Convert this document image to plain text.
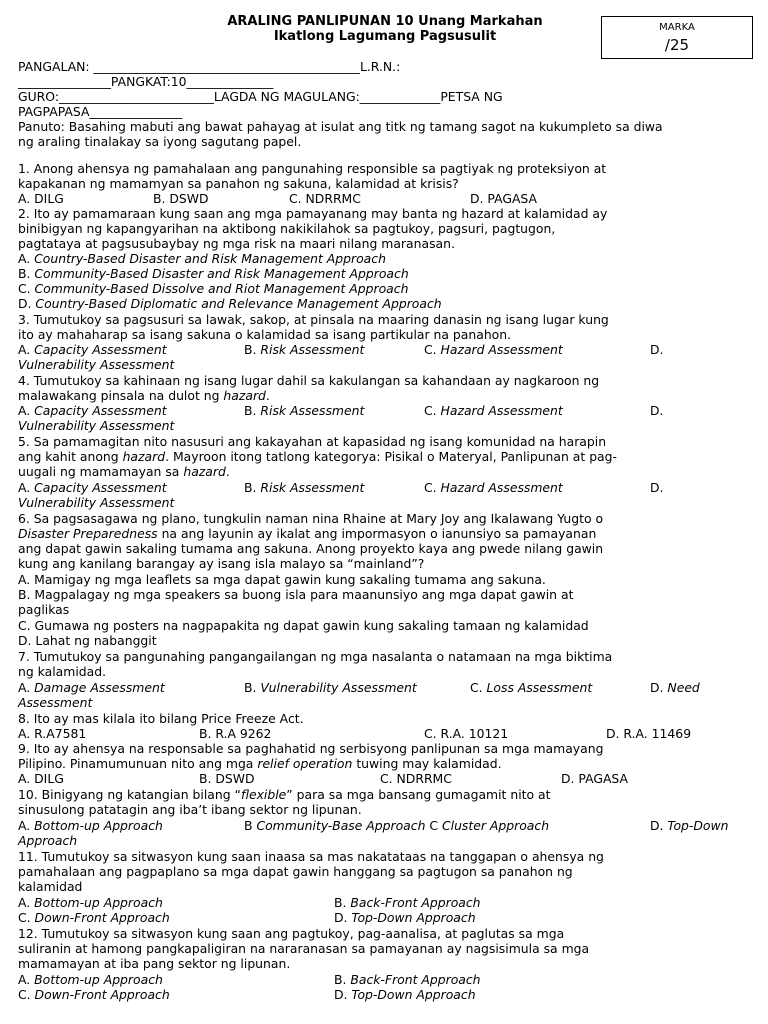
ARALING PANLIPUNAN 10 Unang Markahan
Ikatlong Lagumang Pagsusulit
MARKA
/25
PANGALAN: ___________________________________________L.R.N.:
_______________PANGKAT:10______________
GURO:_________________________LAGDA NG MAGULANG:_____________PETSA NG
PAGPAPASA_______________
Panuto: Basahing mabuti ang bawat pahayag at isulat ang titk ng tamang sagot na kukumpleto sa diwa
ng araling tinalakay sa iyong sagutang papel.
1. Anong ahensya ng pamahalaan ang pangunahing responsible sa pagtiyak ng proteksiyon at
kapakanan ng mamamyan sa panahon ng sakuna, kalamidad at krisis?
A. DILG	B. DSWD	C. NDRRMC	D. PAGASA
2. Ito ay pamamaraan kung saan ang mga pamayanang may banta ng hazard at kalamidad ay
binibigyan ng kapangyarihan na aktibong nakikilahok sa pagtukoy, pagsuri, pagtugon,
pagtataya at pagsusubaybay ng mga risk na maari nilang maranasan.
A. Country-Based Disaster and Risk Management Approach
B. Community-Based Disaster and Risk Management Approach
C. Community-Based Dissolve and Riot Management Approach
D. Country-Based Diplomatic and Relevance Management Approach
3. Tumutukoy sa pagsusuri sa lawak, sakop, at pinsala na maaring danasin ng isang lugar kung
ito ay mahaharap sa isang sakuna o kalamidad sa isang partikular na panahon.
A. Capacity Assessment	B. Risk Assessment	C. Hazard Assessment	D.
Vulnerability Assessment
4. Tumutukoy sa kahinaan ng isang lugar dahil sa kakulangan sa kahandaan ay nagkaroon ng
malawakang pinsala na dulot ng hazard.
A. Capacity Assessment	B. Risk Assessment	C. Hazard Assessment	D.
Vulnerability Assessment
5. Sa pamamagitan nito nasusuri ang kakayahan at kapasidad ng isang komunidad na harapin
ang kahit anong hazard. Mayroon itong tatlong kategorya: Pisikal o Materyal, Panlipunan at pag-
uugali ng mamamayan sa hazard.
A. Capacity Assessment	B. Risk Assessment	C. Hazard Assessment	D.
Vulnerability Assessment
6. Sa pagsasagawa ng plano, tungkulin naman nina Rhaine at Mary Joy ang Ikalawang Yugto o
Disaster Preparedness na ang layunin ay ikalat ang impormasyon o ianunsiyo sa pamayanan
ang dapat gawin sakaling tumama ang sakuna. Anong proyekto kaya ang pwede nilang gawin
kung ang kanilang barangay ay isang isla malayo sa “mainland”?
A. Mamigay ng mga leaflets sa mga dapat gawin kung sakaling tumama ang sakuna.
B. Magpalagay ng mga speakers sa buong isla para maanunsiyo ang mga dapat gawin at
paglikas
C. Gumawa ng posters na nagpapakita ng dapat gawin kung sakaling tamaan ng kalamidad
D. Lahat ng nabanggit
7. Tumutukoy sa pangunahing pangangailangan ng mga nasalanta o natamaan na mga biktima
ng kalamidad.
A. Damage Assessment	B. Vulnerability Assessment	C. Loss Assessment	D. Need
Assessment
8. Ito ay mas kilala ito bilang Price Freeze Act.
A. R.A7581	B. R.A 9262	C. R.A. 10121	D. R.A. 11469
9. Ito ay ahensya na responsable sa paghahatid ng serbisyong panlipunan sa mga mamayang
Pilipino. Pinamumunuan nito ang mga relief operation tuwing may kalamidad.
A. DILG	B. DSWD	C. NDRRMC	D. PAGASA
10. Binigyang ng katangian bilang “flexible” para sa mga bansang gumagamit nito at
sinusulong patatagin ang iba’t ibang sektor ng lipunan.
A. Bottom-up Approach	B Community-Base Approach C Cluster Approach	D. Top-Down
Approach
11. Tumutukoy sa sitwasyon kung saan inaasa sa mas nakatataas na tanggapan o ahensya ng
pamahalaan ang pagpaplano sa mga dapat gawin hanggang sa pagtugon sa panahon ng
kalamidad
A. Bottom-up Approach	B. Back-Front Approach
C. Down-Front Approach	D. Top-Down Approach
12. Tumutukoy sa sitwasyon kung saan ang pagtukoy, pag-aanalisa, at paglutas sa mga
suliranin at hamong pangkapaligiran na nararanasan sa pamayanan ay nagsisimula sa mga
mamamayan at iba pang sektor ng lipunan.
A. Bottom-up Approach	B. Back-Front Approach
C. Down-Front Approach	D. Top-Down Approach
